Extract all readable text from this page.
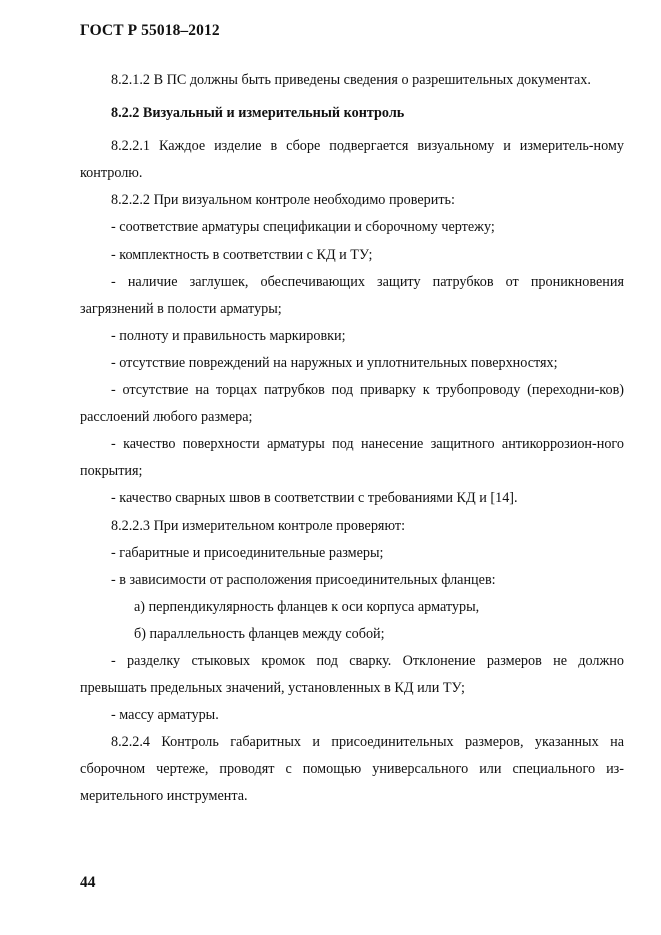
ГОСТ Р 55018–2012

8.2.1.2 В ПС должны быть приведены сведения о разрешительных документах.

8.2.2 Визуальный и измерительный контроль

8.2.2.1 Каждое изделие в сборе подвергается визуальному и измеритель-ному контролю.

8.2.2.2 При визуальном контроле необходимо проверить:

- соответствие арматуры спецификации и сборочному чертежу;

- комплектность в соответствии с КД и ТУ;

- наличие заглушек, обеспечивающих защиту патрубков от проникновения загрязнений в полости арматуры;

- полноту и правильность маркировки;

- отсутствие повреждений на наружных и уплотнительных поверхностях;

- отсутствие на торцах патрубков под приварку к трубопроводу (переходни-ков) расслоений любого размера;

- качество поверхности арматуры под нанесение защитного антикоррозион-ного покрытия;

- качество сварных швов в соответствии с требованиями КД и [14].

8.2.2.3 При измерительном контроле проверяют:

- габаритные и присоединительные размеры;

- в зависимости от расположения присоединительных фланцев:

а) перпендикулярность фланцев к оси корпуса арматуры,

б) параллельность фланцев между собой;

- разделку стыковых кромок под сварку. Отклонение размеров не должно превышать предельных значений, установленных в КД или ТУ;

- массу арматуры.

8.2.2.4 Контроль габаритных и присоединительных размеров, указанных на сборочном чертеже, проводят с помощью универсального или специального из-мерительного инструмента.

44
